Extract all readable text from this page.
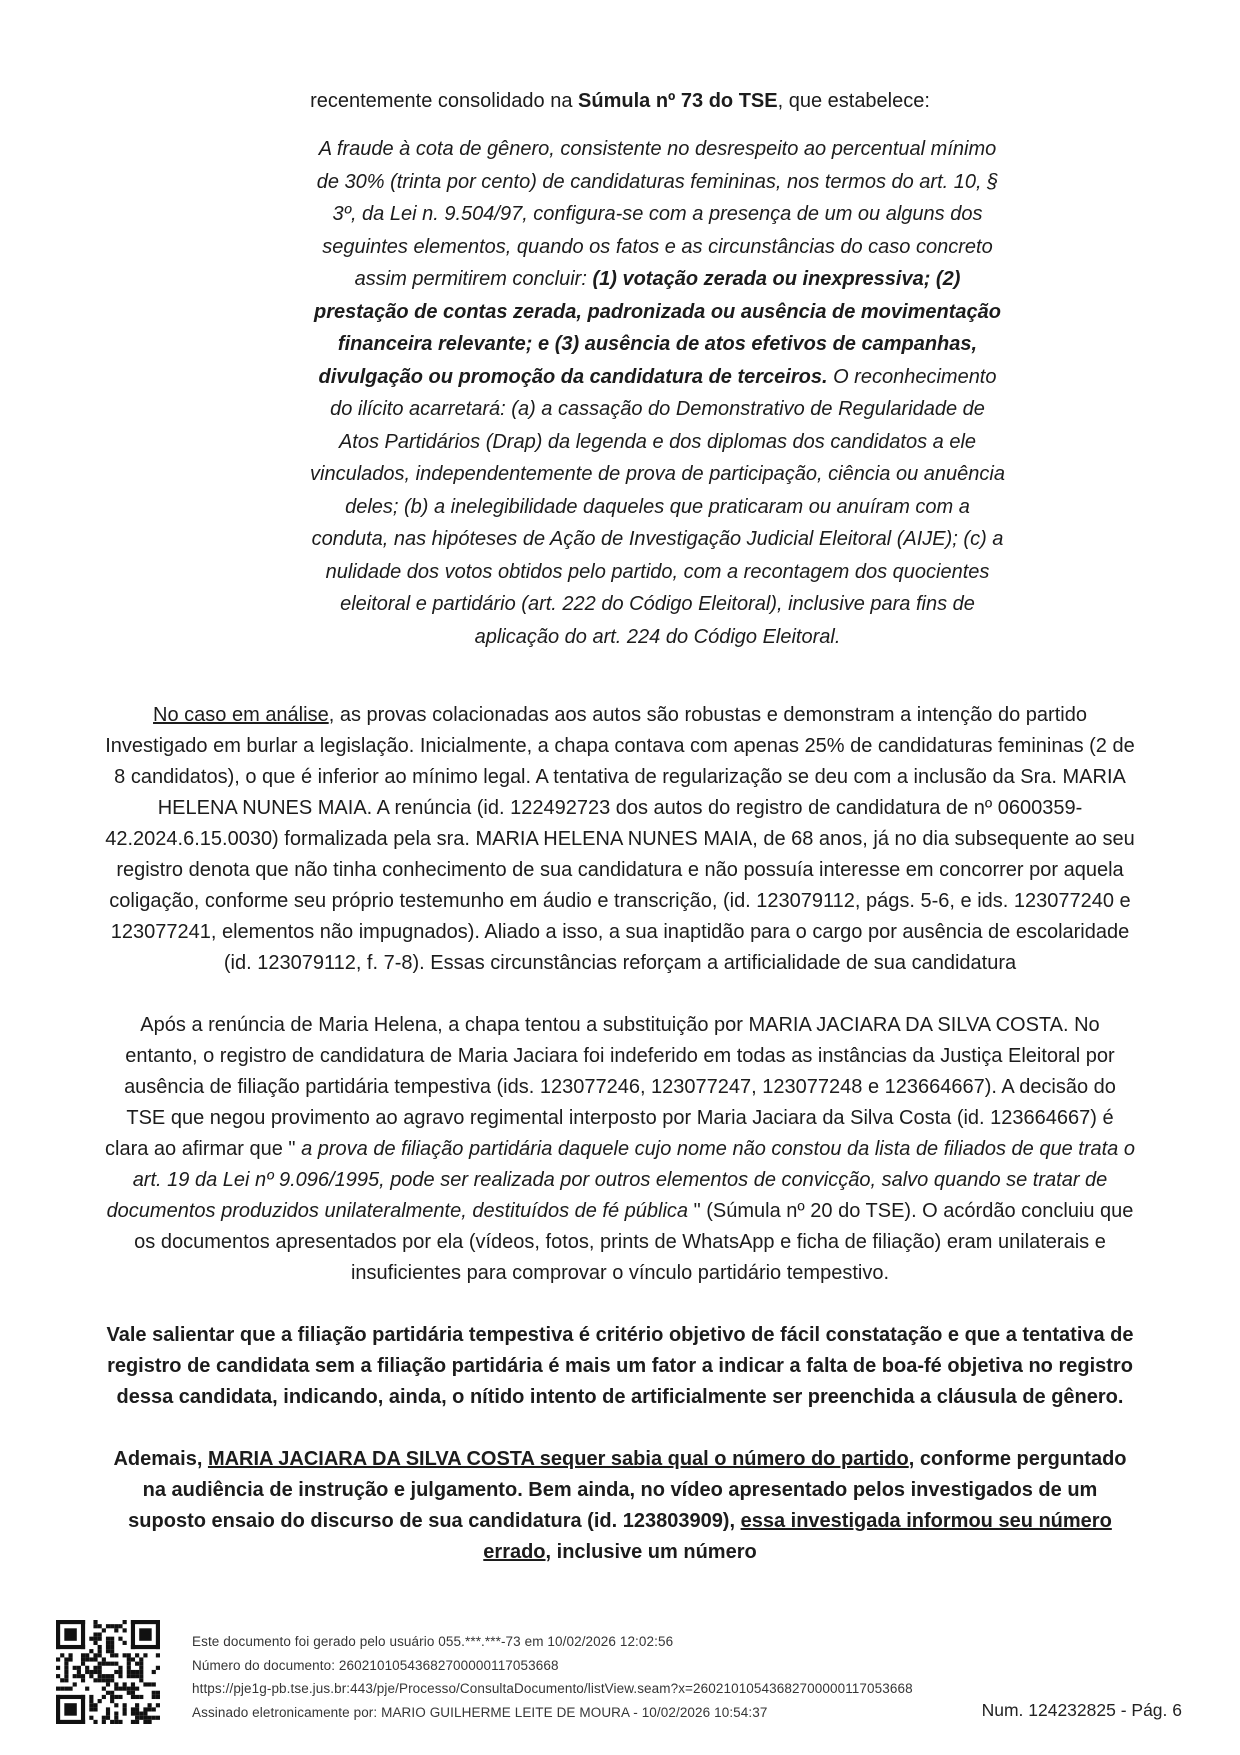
recentemente consolidado na Súmula nº 73 do TSE, que estabelece:

A fraude à cota de gênero, consistente no desrespeito ao percentual mínimo de 30% (trinta por cento) de candidaturas femininas, nos termos do art. 10, § 3º, da Lei n. 9.504/97, configura-se com a presença de um ou alguns dos seguintes elementos, quando os fatos e as circunstâncias do caso concreto assim permitirem concluir: (1) votação zerada ou inexpressiva; (2) prestação de contas zerada, padronizada ou ausência de movimentação financeira relevante; e (3) ausência de atos efetivos de campanhas, divulgação ou promoção da candidatura de terceiros. O reconhecimento do ilícito acarretará: (a) a cassação do Demonstrativo de Regularidade de Atos Partidários (Drap) da legenda e dos diplomas dos candidatos a ele vinculados, independentemente de prova de participação, ciência ou anuência deles; (b) a inelegibilidade daqueles que praticaram ou anuíram com a conduta, nas hipóteses de Ação de Investigação Judicial Eleitoral (AIJE); (c) a nulidade dos votos obtidos pelo partido, com a recontagem dos quocientes eleitoral e partidário (art. 222 do Código Eleitoral), inclusive para fins de aplicação do art. 224 do Código Eleitoral.

No caso em análise, as provas colacionadas aos autos são robustas e demonstram a intenção do partido Investigado em burlar a legislação. Inicialmente, a chapa contava com apenas 25% de candidaturas femininas (2 de 8 candidatos), o que é inferior ao mínimo legal. A tentativa de regularização se deu com a inclusão da Sra. MARIA HELENA NUNES MAIA. A renúncia (id. 122492723 dos autos do registro de candidatura de nº 0600359-42.2024.6.15.0030) formalizada pela sra. MARIA HELENA NUNES MAIA, de 68 anos, já no dia subsequente ao seu registro denota que não tinha conhecimento de sua candidatura e não possuía interesse em concorrer por aquela coligação, conforme seu próprio testemunho em áudio e transcrição, (id. 123079112, págs. 5-6, e ids. 123077240 e 123077241, elementos não impugnados). Aliado a isso, a sua inaptidão para o cargo por ausência de escolaridade (id. 123079112, f. 7-8). Essas circunstâncias reforçam a artificialidade de sua candidatura

Após a renúncia de Maria Helena, a chapa tentou a substituição por MARIA JACIARA DA SILVA COSTA. No entanto, o registro de candidatura de Maria Jaciara foi indeferido em todas as instâncias da Justiça Eleitoral por ausência de filiação partidária tempestiva (ids. 123077246, 123077247, 123077248 e 123664667). A decisão do TSE que negou provimento ao agravo regimental interposto por Maria Jaciara da Silva Costa (id. 123664667) é clara ao afirmar que " a prova de filiação partidária daquele cujo nome não constou da lista de filiados de que trata o art. 19 da Lei nº 9.096/1995, pode ser realizada por outros elementos de convicção, salvo quando se tratar de documentos produzidos unilateralmente, destituídos de fé pública " (Súmula nº 20 do TSE). O acórdão concluiu que os documentos apresentados por ela (vídeos, fotos, prints de WhatsApp e ficha de filiação) eram unilaterais e insuficientes para comprovar o vínculo partidário tempestivo.

Vale salientar que a filiação partidária tempestiva é critério objetivo de fácil constatação e que a tentativa de registro de candidata sem a filiação partidária é mais um fator a indicar a falta de boa-fé objetiva no registro dessa candidata, indicando, ainda, o nítido intento de artificialmente ser preenchida a cláusula de gênero.

Ademais, MARIA JACIARA DA SILVA COSTA sequer sabia qual o número do partido, conforme perguntado na audiência de instrução e julgamento. Bem ainda, no vídeo apresentado pelos investigados de um suposto ensaio do discurso de sua candidatura (id. 123803909), essa investigada informou seu número errado, inclusive um número

Este documento foi gerado pelo usuário 055.***.***-73 em 10/02/2026 12:02:56
Número do documento: 26021010543682700000117053668
https://pje1g-pb.tse.jus.br:443/pje/Processo/ConsultaDocumento/listView.seam?x=26021010543682700000117053668
Assinado eletronicamente por: MARIO GUILHERME LEITE DE MOURA - 10/02/2026 10:54:37	Num. 124232825 - Pág. 6
